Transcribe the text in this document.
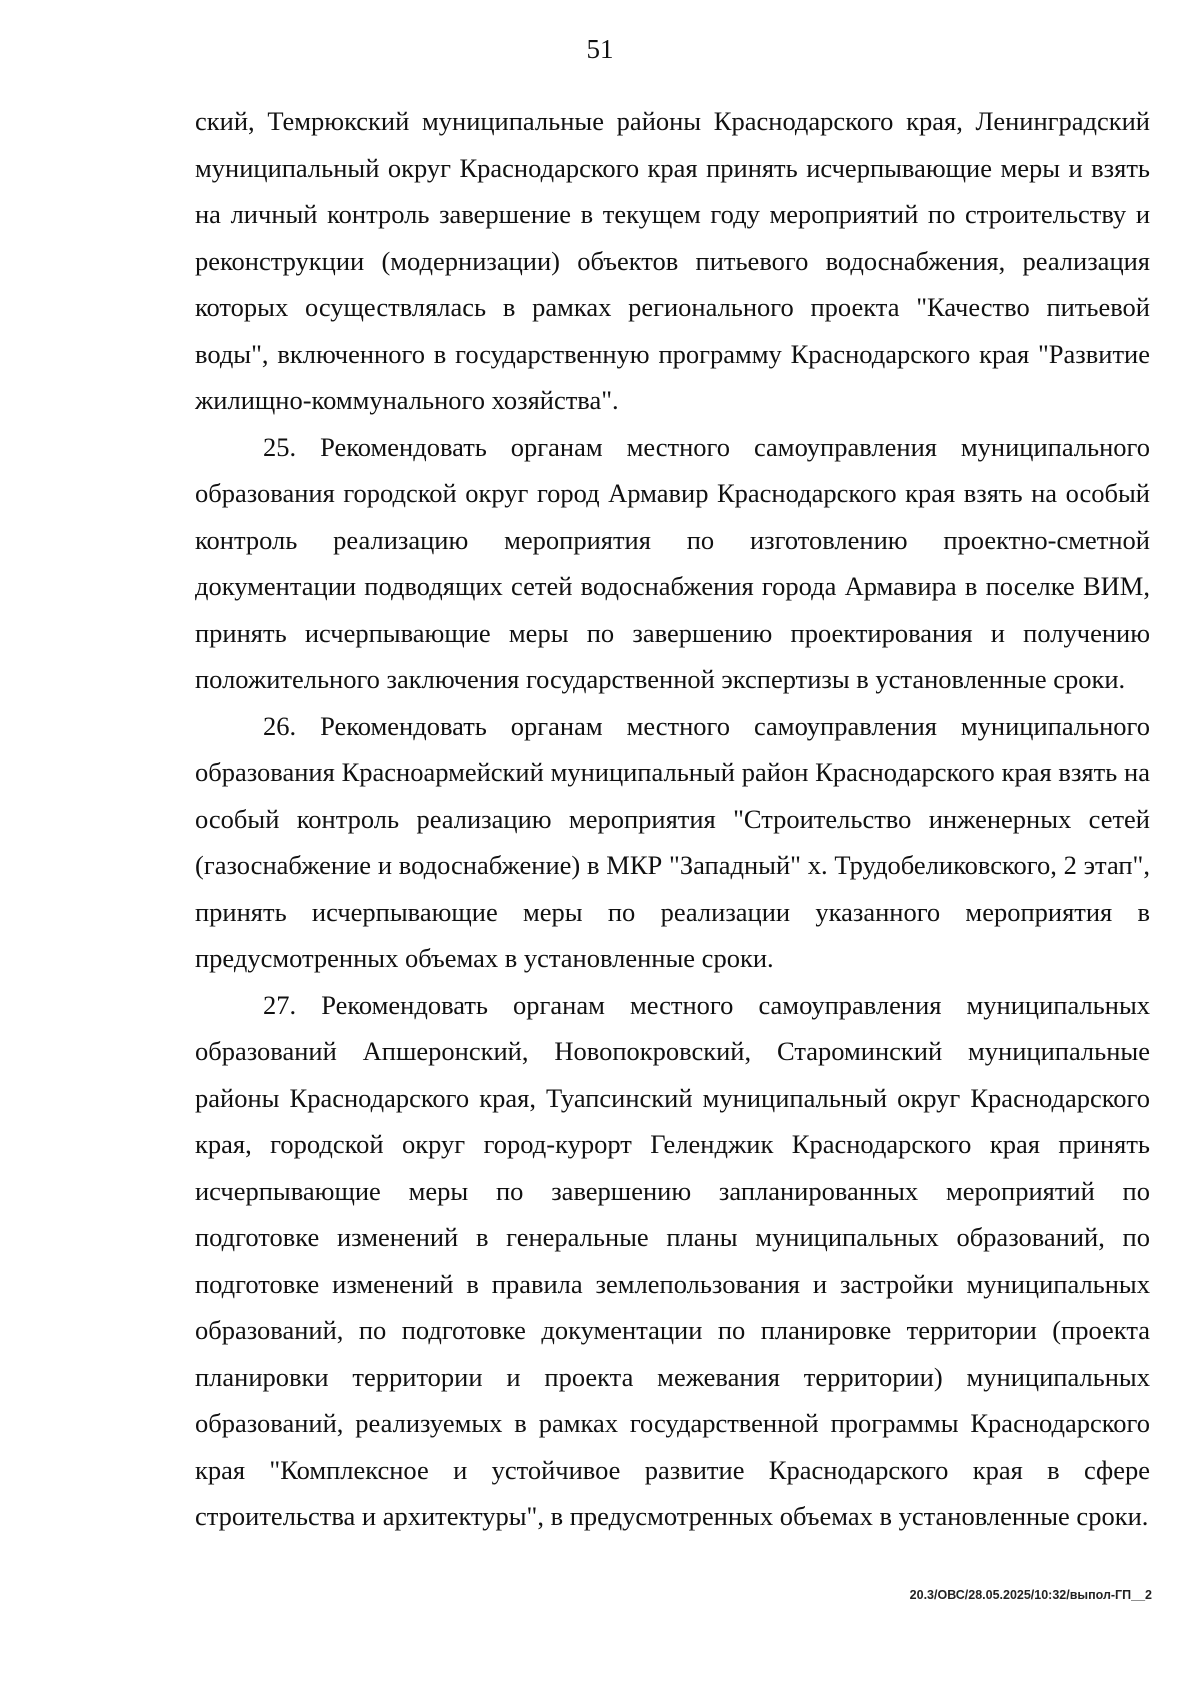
51

ский, Темрюкский муниципальные районы Краснодарского края, Ленинградский муниципальный округ Краснодарского края принять исчерпывающие меры и взять на личный контроль завершение в текущем году мероприятий по строительству и реконструкции (модернизации) объектов питьевого водоснабжения, реализация которых осуществлялась в рамках регионального проекта "Качество питьевой воды", включенного в государственную программу Краснодарского края "Развитие жилищно-коммунального хозяйства".

25. Рекомендовать органам местного самоуправления муниципального образования городской округ город Армавир Краснодарского края взять на особый контроль реализацию мероприятия по изготовлению проектно-сметной документации подводящих сетей водоснабжения города Армавира в поселке ВИМ, принять исчерпывающие меры по завершению проектирования и получению положительного заключения государственной экспертизы в установленные сроки.

26. Рекомендовать органам местного самоуправления муниципального образования Красноармейский муниципальный район Краснодарского края взять на особый контроль реализацию мероприятия "Строительство инженерных сетей (газоснабжение и водоснабжение) в МКР "Западный" х. Трудобеликовского, 2 этап", принять исчерпывающие меры по реализации указанного мероприятия в предусмотренных объемах в установленные сроки.

27. Рекомендовать органам местного самоуправления муниципальных образований Апшеронский, Новопокровский, Староминский муниципальные районы Краснодарского края, Туапсинский муниципальный округ Краснодарского края, городской округ город-курорт Геленджик Краснодарского края принять исчерпывающие меры по завершению запланированных мероприятий по подготовке изменений в генеральные планы муниципальных образований, по подготовке изменений в правила землепользования и застройки муниципальных образований, по подготовке документации по планировке территории (проекта планировки территории и проекта межевания территории) муниципальных образований, реализуемых в рамках государственной программы Краснодарского края "Комплексное и устойчивое развитие Краснодарского края в сфере строительства и архитектуры", в предусмотренных объемах в установленные сроки.

20.3/ОВС/28.05.2025/10:32/выпол-ГП__2
